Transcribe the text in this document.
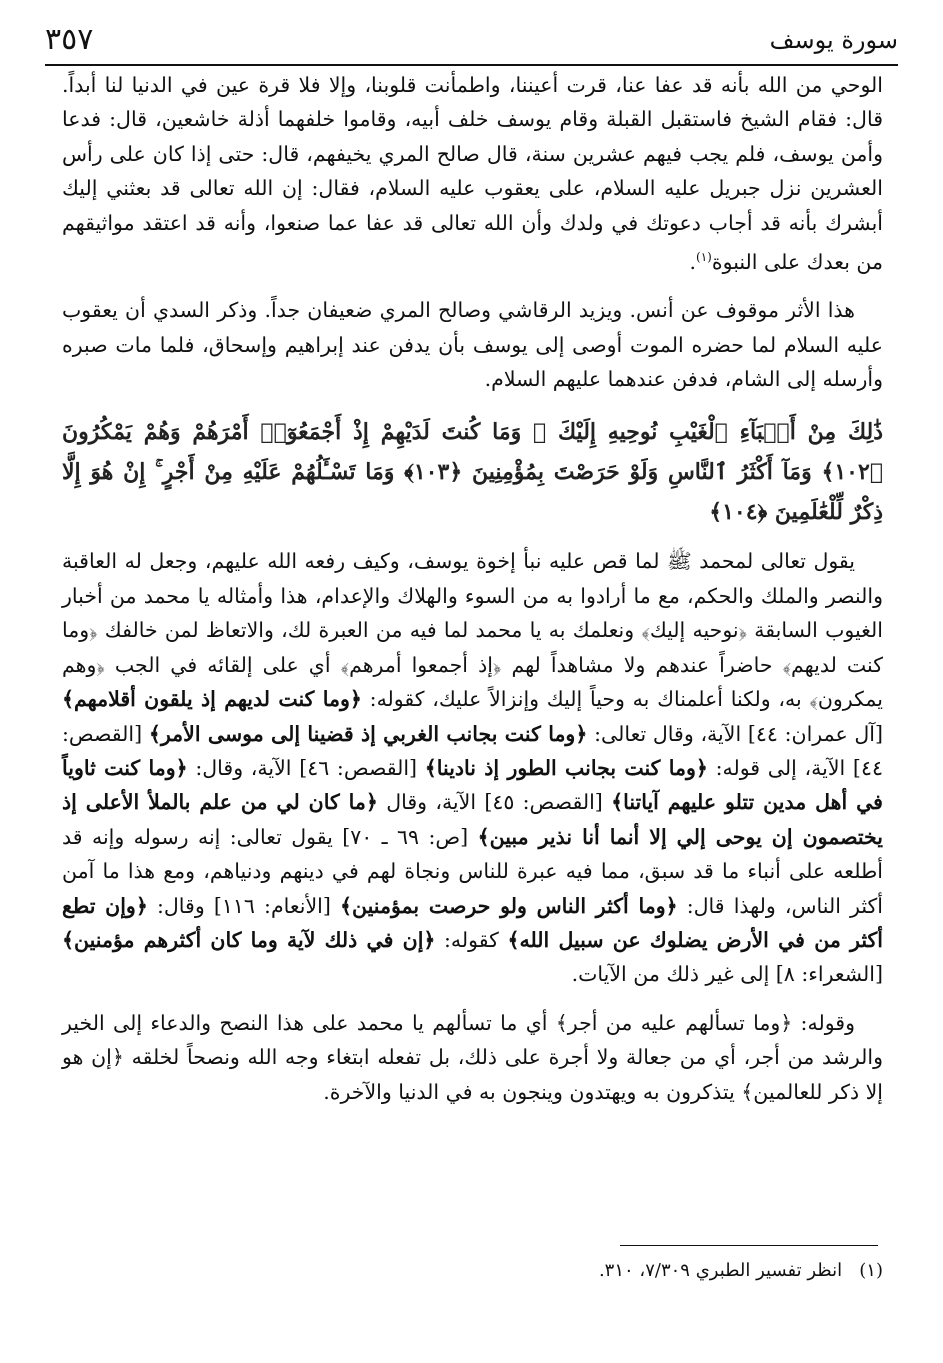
سورة يوسف
٣٥٧

الوحي من الله بأنه قد عفا عنا، قرت أعيننا، واطمأنت قلوبنا، وإلا فلا قرة عين في الدنيا لنا أبداً. قال: فقام الشيخ فاستقبل القبلة وقام يوسف خلف أبيه، وقاموا خلفهما أذلة خاشعين، قال: فدعا وأمن يوسف، فلم يجب فيهم عشرين سنة، قال صالح المري يخيفهم، قال: حتى إذا كان على رأس العشرين نزل جبريل عليه السلام، على يعقوب عليه السلام، فقال: إن الله تعالى قد بعثني إليك أبشرك بأنه قد أجاب دعوتك في ولدك وأن الله تعالى قد عفا عما صنعوا، وأنه قد اعتقد مواثيقهم من بعدك على النبوة$^{(١)}$.

هذا الأثر موقوف عن أنس. ويزيد الرقاشي وصالح المري ضعيفان جداً. وذكر السدي أن يعقوب عليه السلام لما حضره الموت أوصى إلى يوسف بأن يدفن عند إبراهيم وإسحاق، فلما مات صبره وأرسله إلى الشام، فدفن عندهما عليهم السلام.

ذَٰلِكَ مِنْ أَنۢبَآءِ ٱلْغَيْبِ نُوحِيهِ إِلَيْكَ ۖ وَمَا كُنتَ لَدَيْهِمْ إِذْ أَجْمَعُوٓا۟ أَمْرَهُمْ وَهُمْ يَمْكُرُونَ ﴿١٠٢﴾ وَمَآ أَكْثَرُ ٱلنَّاسِ وَلَوْ حَرَصْتَ بِمُؤْمِنِينَ ﴿١٠٣﴾ وَمَا تَسْـَٔلُهُمْ عَلَيْهِ مِنْ أَجْرٍ ۚ إِنْ هُوَ إِلَّا ذِكْرٌ لِّلْعَٰلَمِينَ ﴿١٠٤﴾

يقول تعالى لمحمد ﷺ لما قص عليه نبأ إخوة يوسف، وكيف رفعه الله عليهم، وجعل له العاقبة والنصر والملك والحكم، مع ما أرادوا به من السوء والهلاك والإعدام، هذا وأمثاله يا محمد من أخبار الغيوب السابقة ﴿نوحيه إليك﴾ ونعلمك به يا محمد لما فيه من العبرة لك، والاتعاظ لمن خالفك ﴿وما كنت لديهم﴾ حاضراً عندهم ولا مشاهداً لهم ﴿إذ أجمعوا أمرهم﴾ أي على إلقائه في الجب ﴿وهم يمكرون﴾ به، ولكنا أعلمناك به وحياً إليك وإنزالاً عليك، كقوله: ﴿وما كنت لديهم إذ يلقون أقلامهم﴾ [آل عمران: ٤٤] الآية، وقال تعالى: ﴿وما كنت بجانب الغربي إذ قضينا إلى موسى الأمر﴾ [القصص: ٤٤] الآية، إلى قوله: ﴿وما كنت بجانب الطور إذ نادينا﴾ [القصص: ٤٦] الآية، وقال: ﴿وما كنت ثاوياً في أهل مدين تتلو عليهم آياتنا﴾ [القصص: ٤٥] الآية، وقال ﴿ما كان لي من علم بالملأ الأعلى إذ يختصمون إن يوحى إلي إلا أنما أنا نذير مبين﴾ [ص: ٦٩ ـ ٧٠] يقول تعالى: إنه رسوله وإنه قد أطلعه على أنباء ما قد سبق، مما فيه عبرة للناس ونجاة لهم في دينهم ودنياهم، ومع هذا ما آمن أكثر الناس، ولهذا قال: ﴿وما أكثر الناس ولو حرصت بمؤمنين﴾ [الأنعام: ١١٦] وقال: ﴿وإن تطع أكثر من في الأرض يضلوك عن سبيل الله﴾ كقوله: ﴿إن في ذلك لآية وما كان أكثرهم مؤمنين﴾ [الشعراء: ٨] إلى غير ذلك من الآيات.

وقوله: ﴿وما تسألهم عليه من أجر﴾ أي ما تسألهم يا محمد على هذا النصح والدعاء إلى الخير والرشد من أجر، أي من جعالة ولا أجرة على ذلك، بل تفعله ابتغاء وجه الله ونصحاً لخلقه ﴿إن هو إلا ذكر للعالمين﴾ يتذكرون به ويهتدون وينجون به في الدنيا والآخرة.

(١)   انظر تفسير الطبري ٧/٣٠٩، ٣١٠.
